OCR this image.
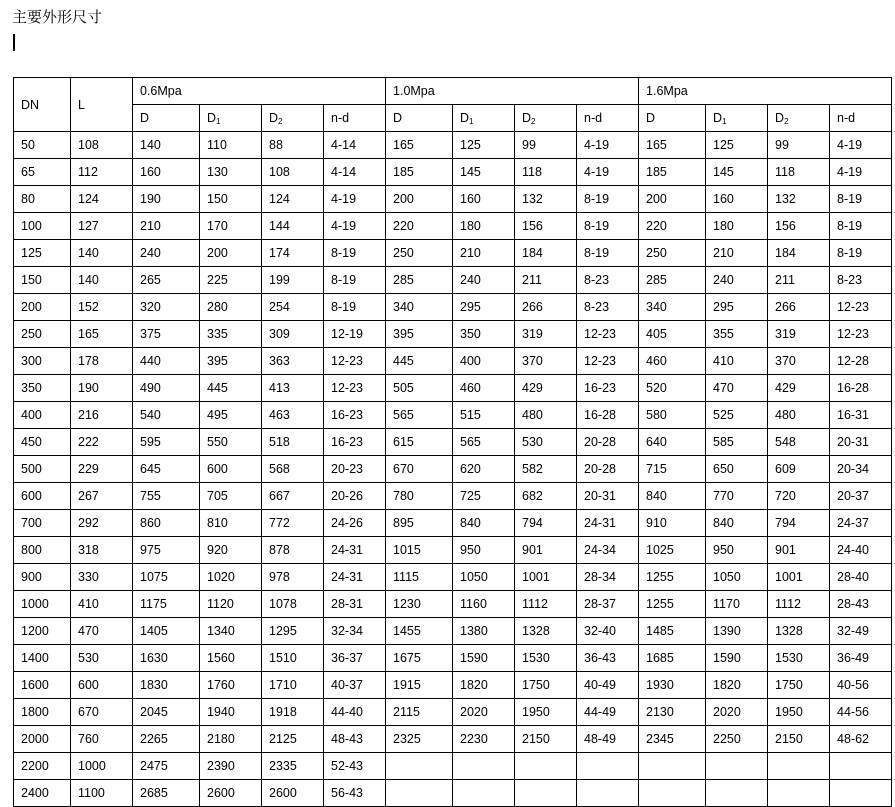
主要外形尺寸
DN	L	0.6Mpa				1.0Mpa				1.6Mpa			
		D	$D_1$	$D_2$	n-d	D	$D_1$	$D_2$	n-d	D	$D_1$	$D_2$	n-d
50	108	140	110	88	4-14	165	125	99	4-19	165	125	99	4-19
65	112	160	130	108	4-14	185	145	118	4-19	185	145	118	4-19
80	124	190	150	124	4-19	200	160	132	8-19	200	160	132	8-19
100	127	210	170	144	4-19	220	180	156	8-19	220	180	156	8-19
125	140	240	200	174	8-19	250	210	184	8-19	250	210	184	8-19
150	140	265	225	199	8-19	285	240	211	8-23	285	240	211	8-23
200	152	320	280	254	8-19	340	295	266	8-23	340	295	266	12-23
250	165	375	335	309	12-19	395	350	319	12-23	405	355	319	12-23
300	178	440	395	363	12-23	445	400	370	12-23	460	410	370	12-28
350	190	490	445	413	12-23	505	460	429	16-23	520	470	429	16-28
400	216	540	495	463	16-23	565	515	480	16-28	580	525	480	16-31
450	222	595	550	518	16-23	615	565	530	20-28	640	585	548	20-31
500	229	645	600	568	20-23	670	620	582	20-28	715	650	609	20-34
600	267	755	705	667	20-26	780	725	682	20-31	840	770	720	20-37
700	292	860	810	772	24-26	895	840	794	24-31	910	840	794	24-37
800	318	975	920	878	24-31	1015	950	901	24-34	1025	950	901	24-40
900	330	1075	1020	978	24-31	1115	1050	1001	28-34	1255	1050	1001	28-40
1000	410	1175	1120	1078	28-31	1230	1160	1112	28-37	1255	1170	1112	28-43
1200	470	1405	1340	1295	32-34	1455	1380	1328	32-40	1485	1390	1328	32-49
1400	530	1630	1560	1510	36-37	1675	1590	1530	36-43	1685	1590	1530	36-49
1600	600	1830	1760	1710	40-37	1915	1820	1750	40-49	1930	1820	1750	40-56
1800	670	2045	1940	1918	44-40	2115	2020	1950	44-49	2130	2020	1950	44-56
2000	760	2265	2180	2125	48-43	2325	2230	2150	48-49	2345	2250	2150	48-62
2200	1000	2475	2390	2335	52-43								
2400	1100	2685	2600	2600	56-43								
